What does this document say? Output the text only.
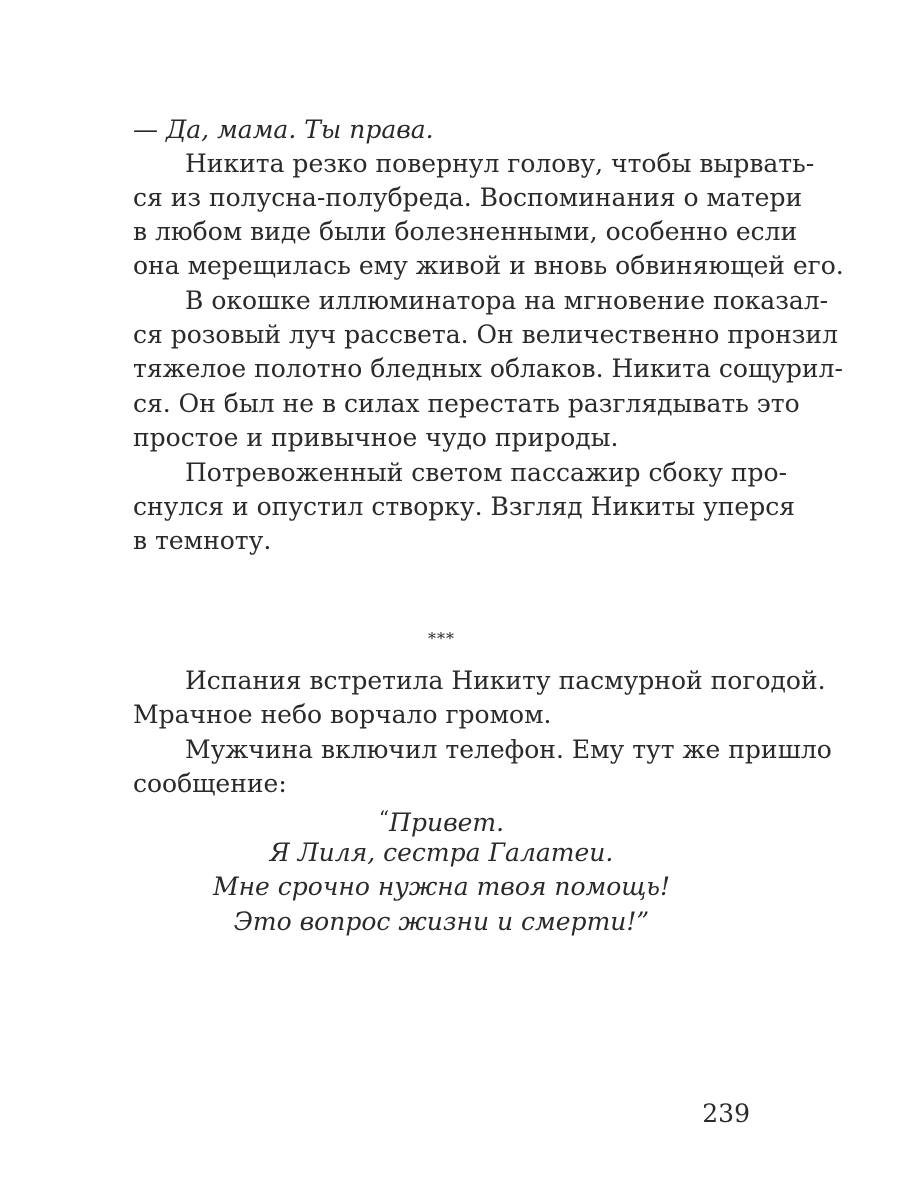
— Да, мама. Ты права.
Никита резко повернул голову, чтобы вырвать-
ся из полусна-полубреда. Воспоминания о матери
в любом виде были болезненными, особенно если
она мерещилась ему живой и вновь обвиняющей его.
В окошке иллюминатора на мгновение показал-
ся розовый луч рассвета. Он величественно пронзил
тяжелое полотно бледных облаков. Никита сощурил-
ся. Он был не в силах перестать разглядывать это
простое и привычное чудо природы.
Потревоженный светом пассажир сбоку про-
снулся и опустил створку. Взгляд Никиты уперся
в темноту.
***
Испания встретила Никиту пасмурной погодой.
Мрачное небо ворчало громом.
Мужчина включил телефон. Ему тут же пришло
сообщение:
“Привет.
Я Лиля, сестра Галатеи.
Мне срочно нужна твоя помощь!
Это вопрос жизни и смерти!”
239
